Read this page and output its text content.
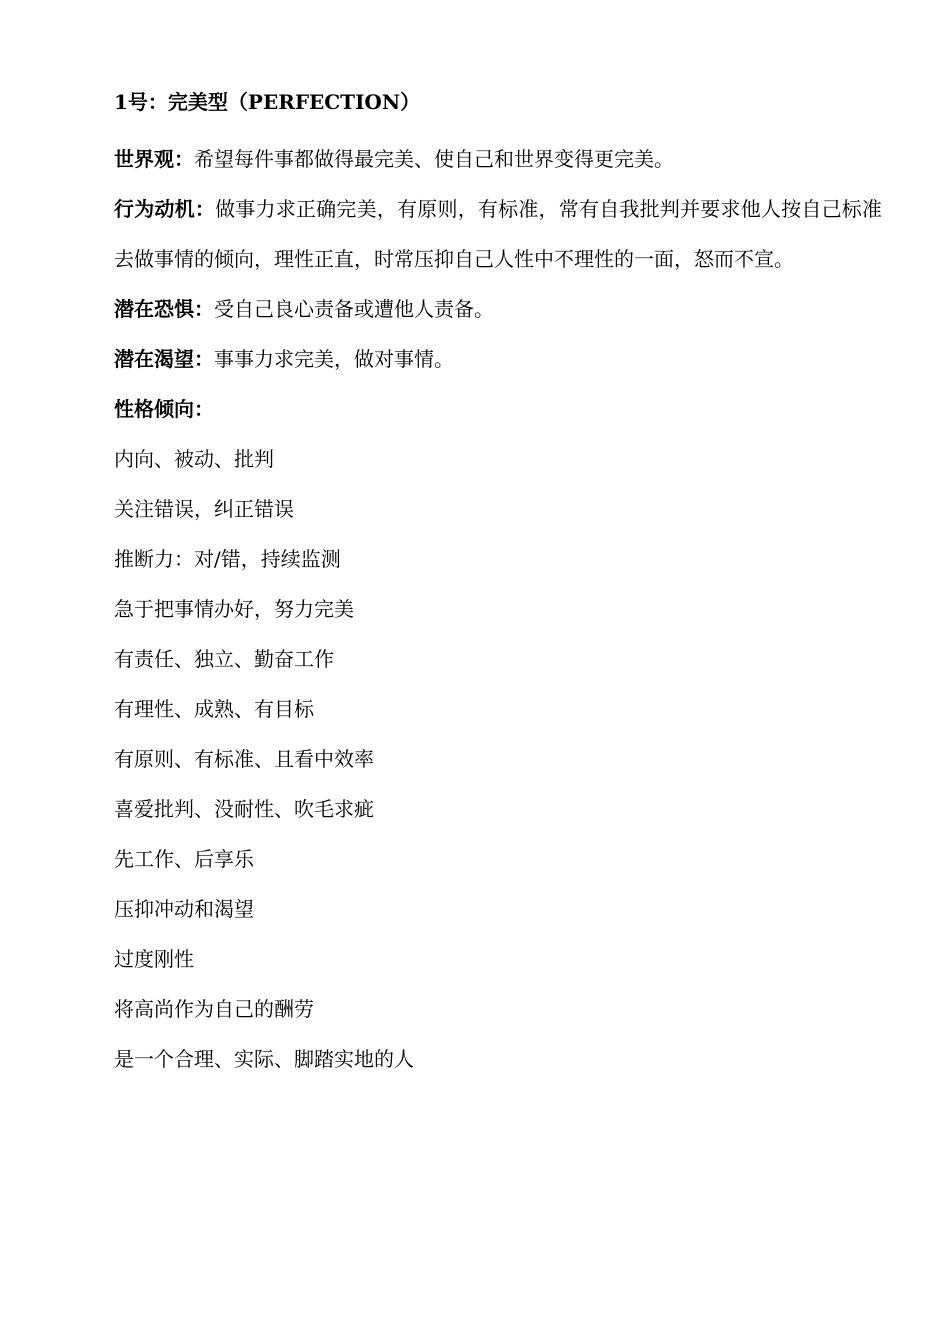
1号：完美型（PERFECTION）

世界观：希望每件事都做得最完美、使自己和世界变得更完美。

行为动机：做事力求正确完美，有原则，有标准，常有自我批判并要求他人按自己标准去做事情的倾向，理性正直，时常压抑自己人性中不理性的一面，怒而不宣。

潜在恐惧：受自己良心责备或遭他人责备。

潜在渴望：事事力求完美，做对事情。

性格倾向：

内向、被动、批判

关注错误，纠正错误

推断力：对/错，持续监测

急于把事情办好，努力完美

有责任、独立、勤奋工作

有理性、成熟、有目标

有原则、有标准、且看中效率

喜爱批判、没耐性、吹毛求疵

先工作、后享乐

压抑冲动和渴望

过度刚性

将高尚作为自己的酬劳

是一个合理、实际、脚踏实地的人
